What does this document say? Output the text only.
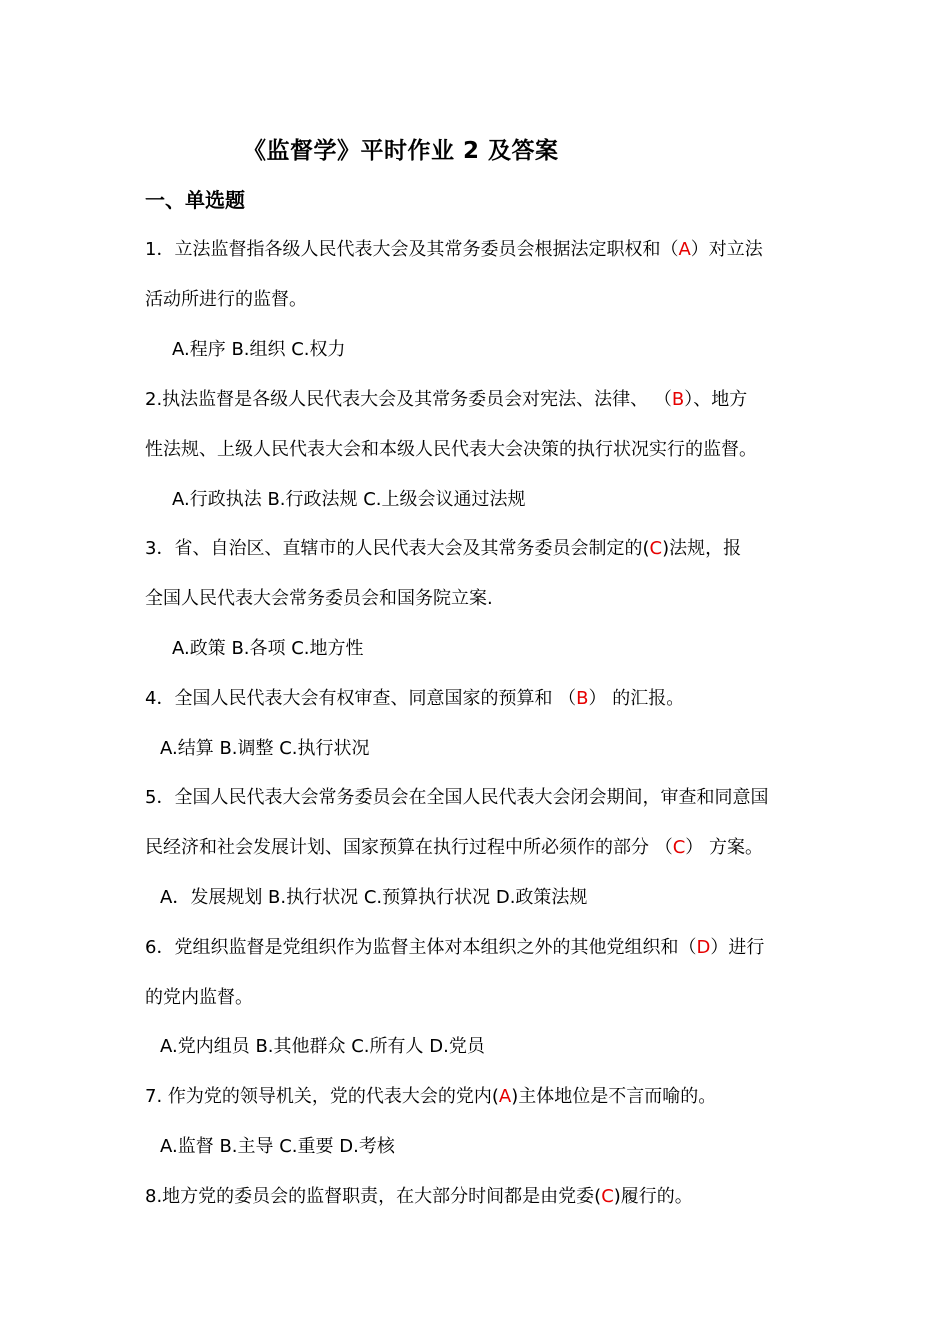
《监督学》平时作业 2 及答案
一、单选题
1．立法监督指各级人民代表大会及其常务委员会根据法定职权和（A）对立法
活动所进行的监督。
A.程序 B.组织 C.权力
2.执法监督是各级人民代表大会及其常务委员会对宪法、法律、 （B）、地方
性法规、上级人民代表大会和本级人民代表大会决策的执行状况实行的监督。
A.行政执法 B.行政法规 C.上级会议通过法规
3．省、自治区、直辖市的人民代表大会及其常务委员会制定的(C)法规，报
全国人民代表大会常务委员会和国务院立案.
A.政策 B.各项 C.地方性
4．全国人民代表大会有权审查、同意国家的预算和 （B） 的汇报。
A.结算 B.调整 C.执行状况
5．全国人民代表大会常务委员会在全国人民代表大会闭会期间，审查和同意国
民经济和社会发展计划、国家预算在执行过程中所必须作的部分 （C） 方案。
A．发展规划 B.执行状况 C.预算执行状况 D.政策法规
6．党组织监督是党组织作为监督主体对本组织之外的其他党组织和（D）进行
的党内监督。
A.党内组员 B.其他群众 C.所有人 D.党员
7. 作为党的领导机关，党的代表大会的党内(A)主体地位是不言而喻的。
A.监督 B.主导 C.重要 D.考核
8.地方党的委员会的监督职责，在大部分时间都是由党委(C)履行的。
